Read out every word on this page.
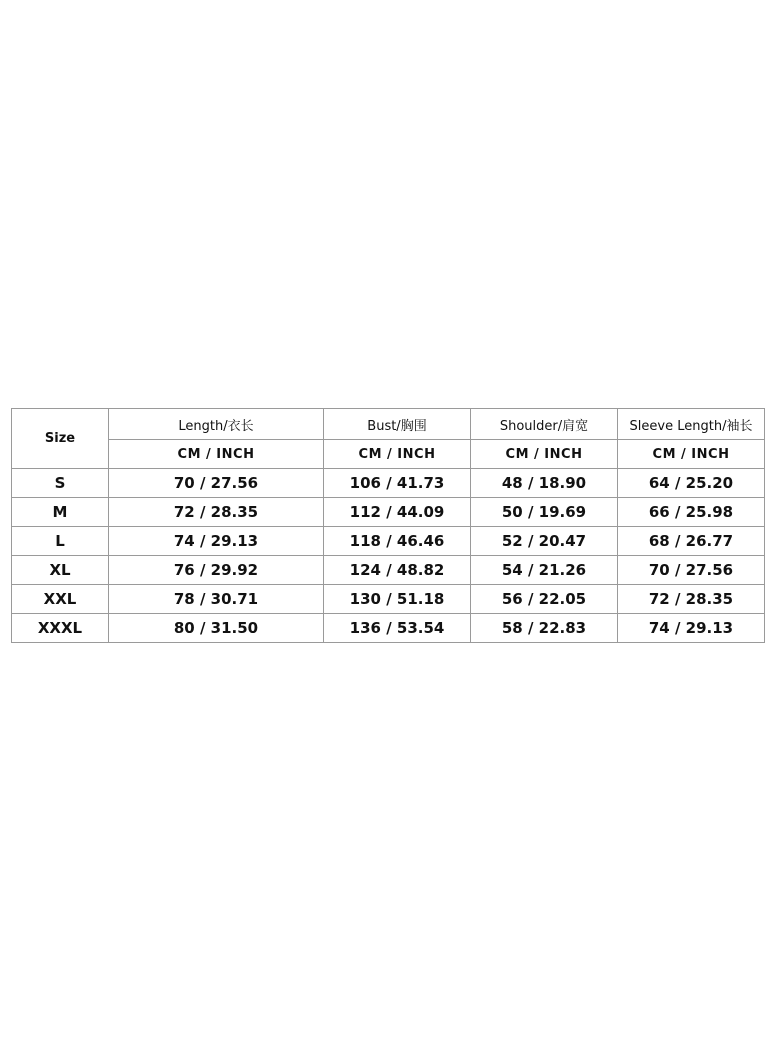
Size	Length/衣长	Bust/胸围	Shoulder/肩宽	Sleeve Length/袖长
	CM / INCH	CM / INCH	CM / INCH	CM / INCH
S	70 / 27.56	106 / 41.73	48 / 18.90	64 / 25.20
M	72 / 28.35	112 / 44.09	50 / 19.69	66 / 25.98
L	74 / 29.13	118 / 46.46	52 / 20.47	68 / 26.77
XL	76 / 29.92	124 / 48.82	54 / 21.26	70 / 27.56
XXL	78 / 30.71	130 / 51.18	56 / 22.05	72 / 28.35
XXXL	80 / 31.50	136 / 53.54	58 / 22.83	74 / 29.13
